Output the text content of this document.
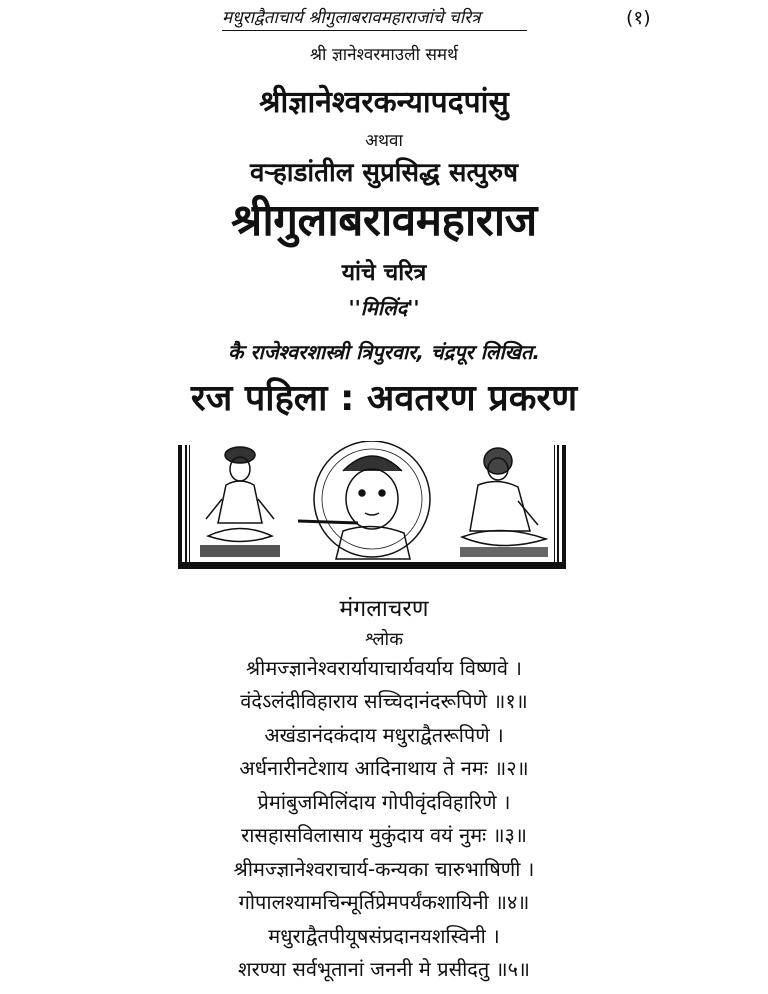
मधुराद्वैताचार्य श्रीगुलाबरावमहाराजांचे चरित्र	(१)
श्री ज्ञानेश्वरमाउली समर्थ
श्रीज्ञानेश्वरकन्यापदपांसु
अथवा
वऱ्हाडांतील सुप्रसिद्ध सत्पुरुष
श्रीगुलाबरावमहाराज
यांचे चरित्र
''मिलिंद''
कै राजेश्वरशास्त्री त्रिपुरवार, चंद्रपूर लिखित.
रज पहिला : अवतरण प्रकरण
मंगलाचरण
श्लोक
श्रीमज्ज्ञानेश्वरार्यायाचार्यवर्याय विष्णवे ।
वंदेऽलंदीविहाराय सच्चिदानंदरूपिणे ॥१॥
अखंडानंदकंदाय मधुराद्वैतरूपिणे ।
अर्धनारीनटेशाय आदिनाथाय ते नमः ॥२॥
प्रेमांबुजमिलिंदाय गोपीवृंदविहारिणे ।
रासहासविलासाय मुकुंदाय वयं नुमः ॥३॥
श्रीमज्ज्ञानेश्वराचार्य-कन्यका चारुभाषिणी ।
गोपालश्यामचिन्मूर्तिप्रेमपर्यंकशायिनी ॥४॥
मधुराद्वैतपीयूषसंप्रदानयशस्विनी ।
शरण्या सर्वभूतानां जननी मे प्रसीदतु ॥५॥
